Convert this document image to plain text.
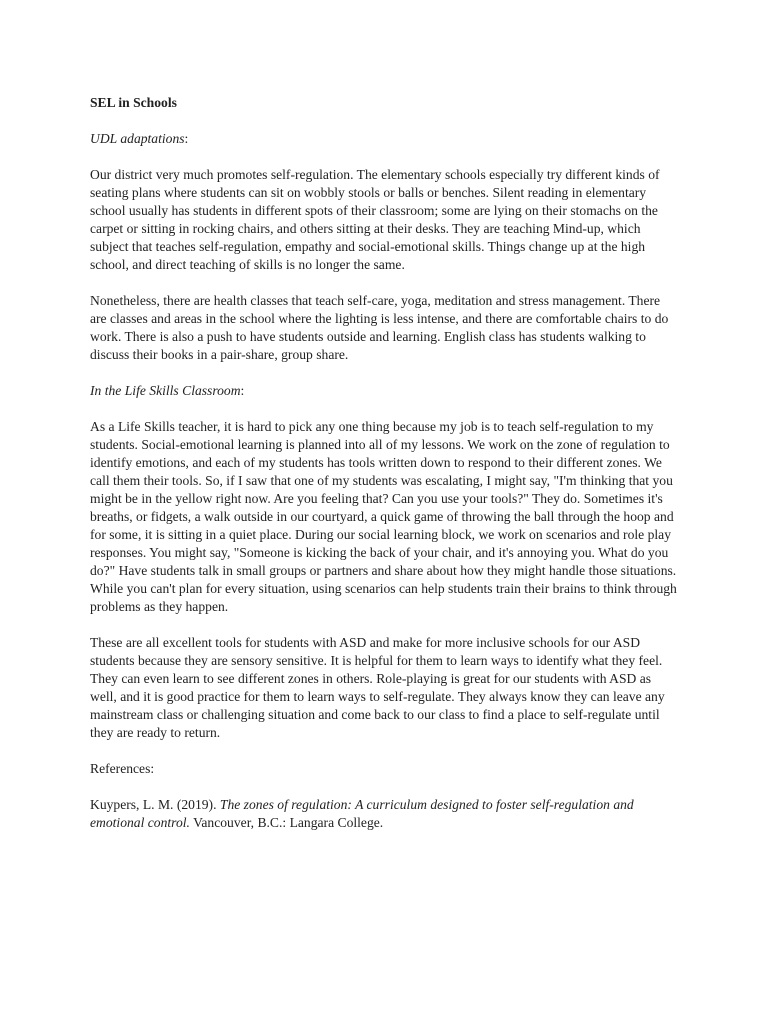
SEL in Schools

UDL adaptations:

Our district very much promotes self-regulation. The elementary schools especially try different kinds of seating plans where students can sit on wobbly stools or balls or benches. Silent reading in elementary school usually has students in different spots of their classroom; some are lying on their stomachs on the carpet or sitting in rocking chairs, and others sitting at their desks. They are teaching Mind-up, which subject that teaches self-regulation, empathy and social-emotional skills. Things change up at the high school, and direct teaching of skills is no longer the same.

Nonetheless, there are health classes that teach self-care, yoga, meditation and stress management. There are classes and areas in the school where the lighting is less intense, and there are comfortable chairs to do work. There is also a push to have students outside and learning. English class has students walking to discuss their books in a pair-share, group share.

In the Life Skills Classroom:

As a Life Skills teacher, it is hard to pick any one thing because my job is to teach self-regulation to my students. Social-emotional learning is planned into all of my lessons. We work on the zone of regulation to identify emotions, and each of my students has tools written down to respond to their different zones. We call them their tools. So, if I saw that one of my students was escalating, I might say, "I'm thinking that you might be in the yellow right now. Are you feeling that? Can you use your tools?" They do. Sometimes it's breaths, or fidgets, a walk outside in our courtyard, a quick game of throwing the ball through the hoop and for some, it is sitting in a quiet place. During our social learning block, we work on scenarios and role play responses. You might say, "Someone is kicking the back of your chair, and it's annoying you. What do you do?" Have students talk in small groups or partners and share about how they might handle those situations. While you can't plan for every situation, using scenarios can help students train their brains to think through problems as they happen.

These are all excellent tools for students with ASD and make for more inclusive schools for our ASD students because they are sensory sensitive. It is helpful for them to learn ways to identify what they feel. They can even learn to see different zones in others. Role-playing is great for our students with ASD as well, and it is good practice for them to learn ways to self-regulate. They always know they can leave any mainstream class or challenging situation and come back to our class to find a place to self-regulate until they are ready to return.

References:

Kuypers, L. M. (2019). The zones of regulation: A curriculum designed to foster self-regulation and emotional control. Vancouver, B.C.: Langara College.
